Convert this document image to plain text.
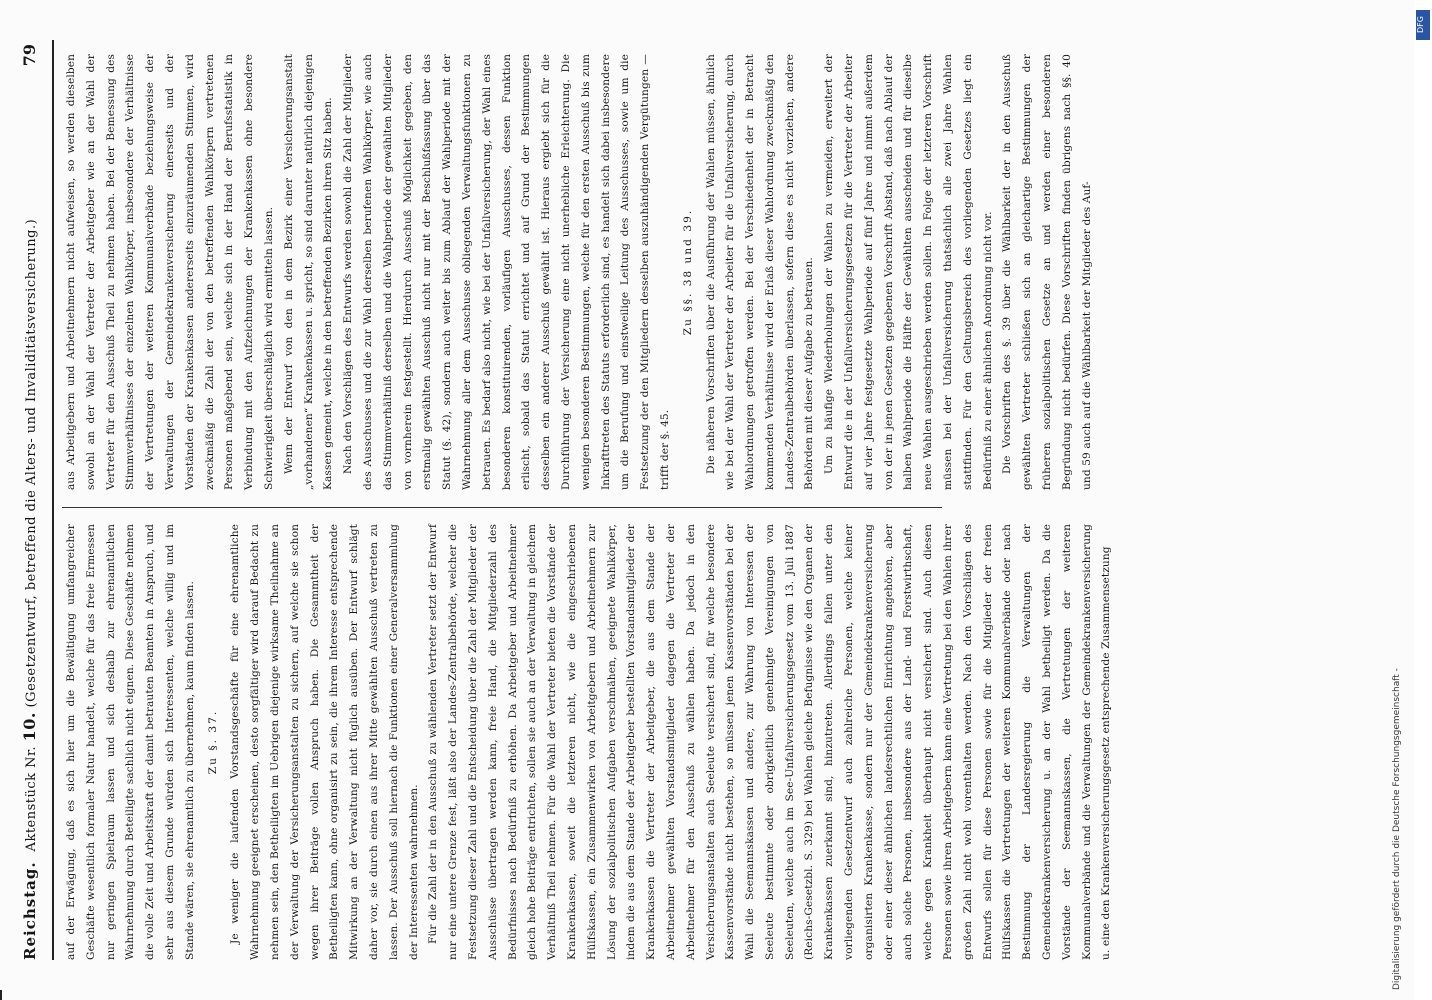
Reichstag.
Aktenstück Nr. 10. (Gesetzentwurf, betreffend die Alters- und Invaliditätsversicherung.)
79

auf der Erwägung, daß es sich hier um die Bewältigung umfangreicher Geschäfte wesentlich formaler Natur handelt, welche für das freie Ermessen nur geringen Spielraum lassen und sich deshalb zur ehrenamtlichen Wahrnehmung durch Beteiligte sachlich nicht eignen. Diese Geschäfte nehmen die volle Zeit und Arbeitskraft der damit betrauten Beamten in Anspruch, und sehr aus diesem Grunde würden sich Interessenten, welche willig und im Stande wären, sie ehrenamtlich zu übernehmen, kaum finden lassen.	Zu §. 37.	Je weniger die laufenden Vorstandsgeschäfte für eine ehrenamtliche Wahrnehmung geeignet erscheinen, desto sorgfältiger wird darauf Bedacht zu nehmen sein, den Betheiligten im Uebrigen diejenige wirksame Theilnahme an der Verwaltung der Versicherungsanstalten zu sichern, auf welche sie schon wegen ihrer Beiträge vollen Anspruch haben. Die Gesammtheit der Betheiligten kann, ohne organisirt zu sein, die ihrem Interesse entsprechende Mitwirkung an der Verwaltung nicht füglich ausüben. Der Entwurf schlägt daher vor, sie durch einen aus ihrer Mitte gewählten Ausschuß vertreten zu lassen. Der Ausschuß soll hiernach die Funktionen einer Generalversammlung der Interessenten wahrnehmen. Für die Zahl der in den Ausschuß zu wählenden Vertreter setzt der Entwurf nur eine untere Grenze fest, läßt also der Landes-Zentralbehörde, welcher die Festsetzung dieser Zahl und die Entscheidung über die Zahl der Mitglieder der Ausschüsse übertragen werden kann, freie Hand, die Mitgliederzahl des Bedürfnisses nach Bedürfniß zu erhöhen. Da Arbeitgeber und Arbeitnehmer gleich hohe Beiträge entrichten, sollen sie auch an der Verwaltung in gleichem Verhältniß Theil nehmen. Für die Wahl der Vertreter bieten die Vorstände der Krankenkassen, soweit die letzteren nicht, wie die eingeschriebenen Hülfskassen, ein Zusammenwirken von Arbeitgebern und Arbeitnehmern zur Lösung der sozialpolitischen Aufgaben verschmähen, geeignete Wahlkörper, indem die aus dem Stande der Arbeitgeber bestellten Vorstandsmitglieder der Krankenkassen die Vertreter der Arbeitgeber, die aus dem Stande der Arbeitnehmer gewählten Vorstandsmitglieder dagegen die Vertreter der Arbeitnehmer für den Ausschuß zu wählen haben. Da jedoch in den Versicherungsanstalten auch Seeleute versichert sind, für welche besondere Kassenvorstände nicht bestehen, so müssen jenen Kassenvorständen bei der Wahl die Seemannskassen und andere, zur Wahrung von Interessen der Seeleute bestimmte oder obrigkeitlich genehmigte Vereinigungen von Seeleuten, welche auch im See-Unfallversicherungsgesetz vom 13. Juli 1887 (Reichs-Gesetzbl. S. 329) bei Wahlen gleiche Befugnisse wie den Organen der Krankenkassen zuerkannt sind, hinzutreten. Allerdings fallen unter den vorliegenden Gesetzentwurf auch zahlreiche Personen, welche keiner organisirten Krankenkasse, sondern nur der Gemeindekrankenversicherung oder einer dieser ähnlichen landesrechtlichen Einrichtung angehören, aber auch solche Personen, insbesondere aus der Land- und Forstwirthschaft, welche gegen Krankheit überhaupt nicht versichert sind. Auch diesen Personen sowie ihren Arbeitgebern kann eine Vertretung bei den Wahlen ihrer großen Zahl nicht wohl vorenthalten werden. Nach den Vorschlägen des Entwurfs sollen für diese Personen sowie für die Mitglieder der freien Hülfskassen die Vertretungen der weiteren Kommunalverbände oder nach Bestimmung der Landesregierung die Verwaltungen der Gemeindekrankenversicherung u. an der Wahl betheiligt werden. Da die Vorstände der Seemannskassen, die Vertretungen der weiteren Kommunalverbände und die Verwaltungen der Gemeindekrankenversicherung u. eine den Krankenversicherungsgesetz entsprechende Zusammensetzung

aus Arbeitgebern und Arbeitnehmern nicht aufweisen, so werden dieselben sowohl an der Wahl der Vertreter der Arbeitgeber wie an der Wahl der Vertreter für den Ausschuß Theil zu nehmen haben. Bei der Bemessung des Stimmverhältnisses der einzelnen Wahlkörper, insbesondere der Verhältnisse der Vertretungen der weiteren Kommunalverbände beziehungsweise der Verwaltungen der Gemeindekrankenversicherung einerseits und der Vorständen der Krankenkassen andererseits einzuräumenden Stimmen, wird zweckmäßig die Zahl der von den betreffenden Wahlkörpern vertretenen Personen maßgebend sein, welche sich in der Hand der Berufsstatistik in Verbindung mit den Aufzeichnungen der Krankenkassen ohne besondere Schwierigkeit überschläglich wird ermitteln lassen. Wenn der Entwurf von den in dem Bezirk einer Versicherungsanstalt „vorhandenen“ Krankenkassen u. spricht, so sind darunter natürlich diejenigen Kassen gemeint, welche in den betreffenden Bezirken ihren Sitz haben. Nach den Vorschlägen des Entwurfs werden sowohl die Zahl der Mitglieder des Ausschusses und die zur Wahl derselben berufenen Wahlkörper, wie auch das Stimmverhältniß derselben und die Wahlperiode der gewählten Mitglieder von vornherein festgestellt. Hierdurch Ausschuß Möglichkeit gegeben, den erstmalig gewählten Ausschuß nicht nur mit der Beschlußfassung über das Statut (§. 42), sondern auch weiter bis zum Ablauf der Wahlperiode mit der Wahrnehmung aller dem Ausschusse obliegenden Verwaltungsfunktionen zu betrauen. Es bedarf also nicht, wie bei der Unfallversicherung, der Wahl eines besonderen konstituirenden, vorläufigen Ausschusses, dessen Funktion erlischt, sobald das Statut errichtet und auf Grund der Bestimmungen desselben ein anderer Ausschuß gewählt ist. Hieraus ergiebt sich für die Durchführung der Versicherung eine nicht unerhebliche Erleichterung. Die wenigen besonderen Bestimmungen, welche für den ersten Ausschuß bis zum Inkrafttreten des Statuts erforderlich sind, es handelt sich dabei insbesondere um die Berufung und einstweilige Leitung des Ausschusses, sowie um die Festsetzung der den Mitgliedern desselben auszuhändigenden Vergütungen — trifft der §. 45.

Zu §§. 38 und 39.	Die näheren Vorschriften über die Ausführung der Wahlen müssen, ähnlich wie bei der Wahl der Vertreter der Arbeiter für die Unfallversicherung, durch Wahlordnungen getroffen werden. Bei der Verschiedenheit der in Betracht kommenden Verhältnisse wird der Erlaß dieser Wahlordnung zweckmäßig den Landes-Zentralbehörden überlassen, sofern diese es nicht vorziehen, andere Behörden mit dieser Aufgabe zu betrauen. Um zu häufige Wiederholungen der Wahlen zu vermeiden, erweitert der Entwurf die in der Unfallversicherungsgesetzen für die Vertreter der Arbeiter auf vier Jahre festgesetzte Wahlperiode auf fünf Jahre und nimmt außerdem von der in jenen Gesetzen gegebenen Vorschrift Abstand, daß nach Ablauf der halben Wahlperiode die Hälfte der Gewählten ausscheiden und für dieselbe neue Wahlen ausgeschrieben werden sollen. In Folge der letzteren Vorschrift müssen bei der Unfallversicherung thatsächlich alle zwei Jahre Wahlen stattfinden. Für den Geltungsbereich des vorliegenden Gesetzes liegt ein Bedürfniß zu einer ähnlichen Anordnung nicht vor. Die Vorschriften des §. 39 über die Wählbarkeit der in den Ausschuß gewählten Vertreter schließen sich an gleichartige Bestimmungen der früheren sozialpolitischen Gesetze an und werden einer besonderen Begründung nicht bedürfen. Diese Vorschriften finden übrigens nach §§. 40 und 59 auch auf die Wählbarkeit der Mitglieder des Auf-

Digitalisierung gefördert durch die Deutsche Forschungsgemeinschaft -
DFG
